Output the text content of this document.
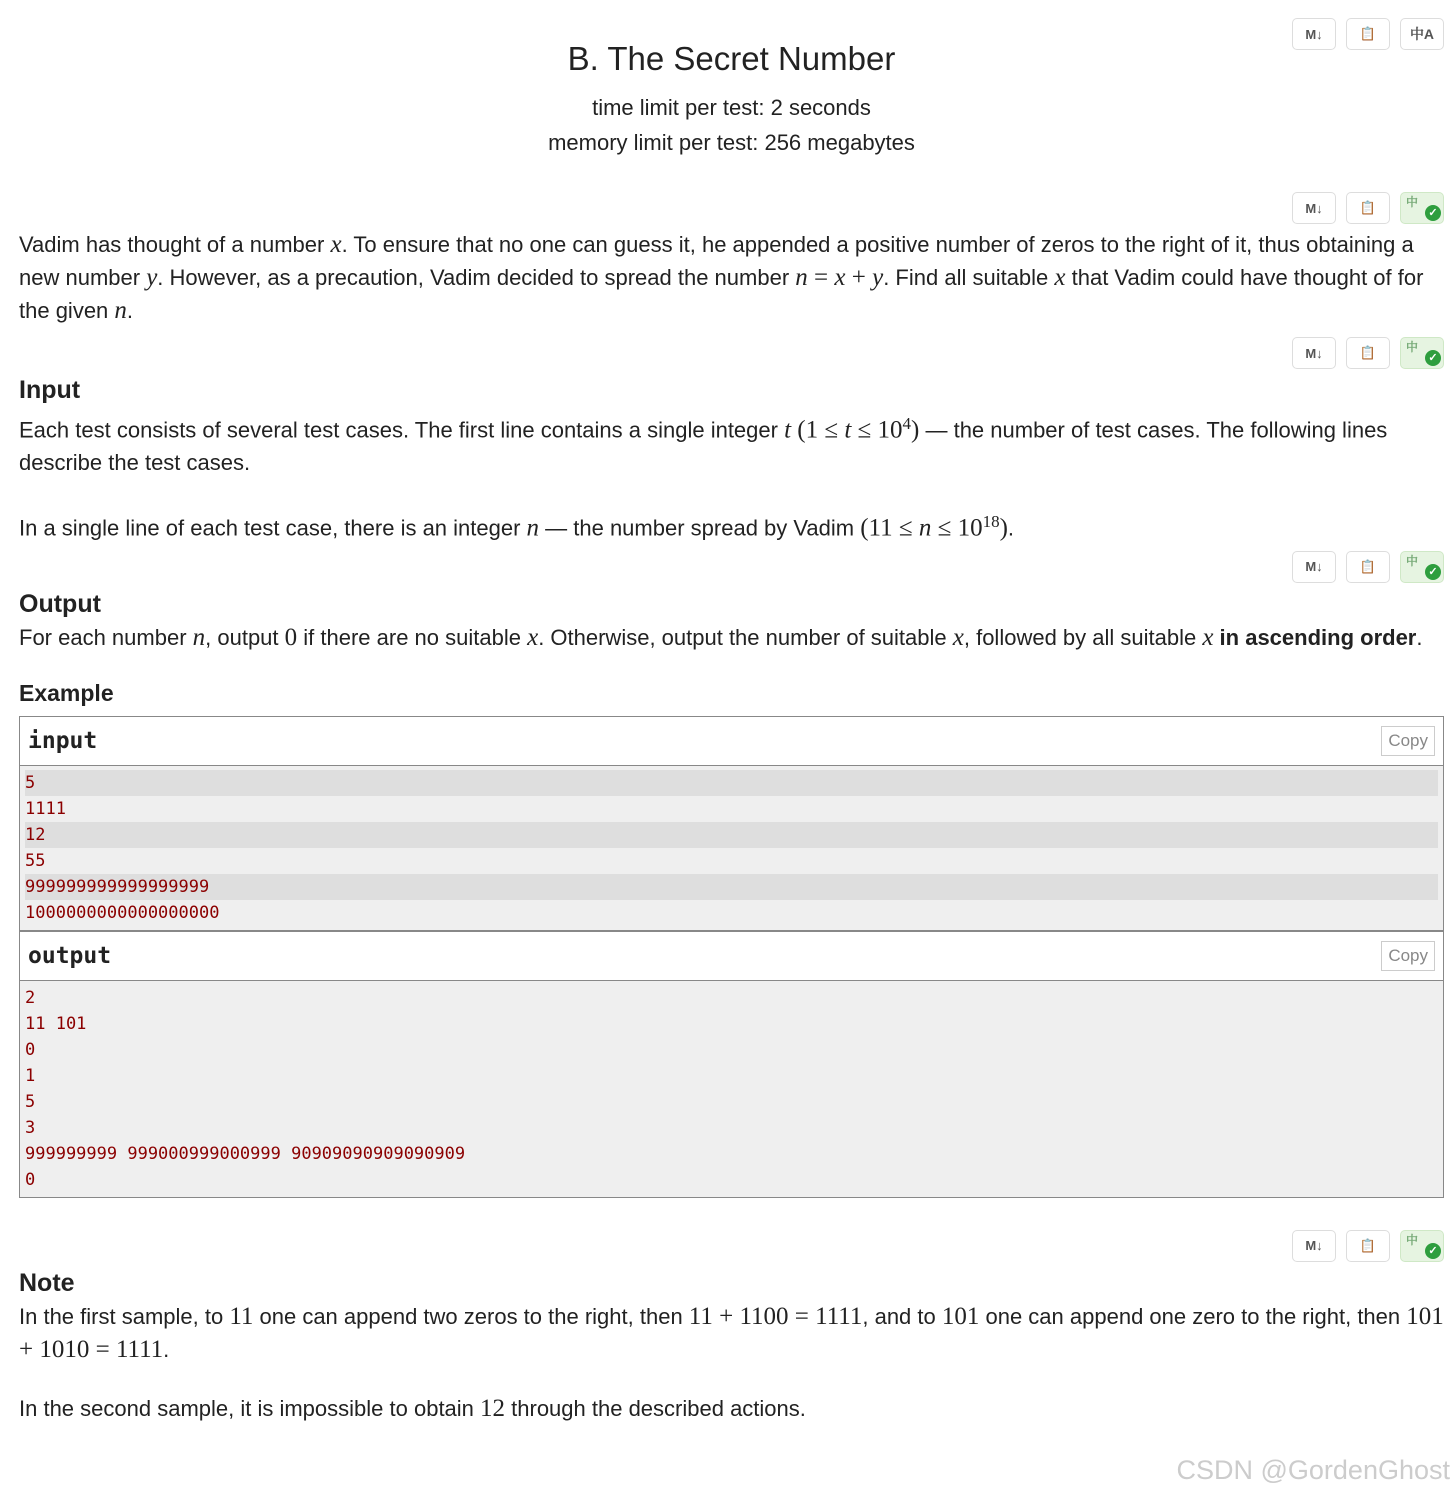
M↓	📋 中A
B. The Secret Number
time limit per test: 2 seconds
memory limit per test: 256 megabytes
M↓	📋 中
✓

Vadim has thought of a number x. To ensure that no one can guess it, he appended a positive number of zeros to the right of it, thus obtaining a new number y. However, as a precaution, Vadim decided to spread the number n = x + y. Find all suitable x that Vadim could have thought of for the given n.

M↓	📋 中
✓
Input

Each test consists of several test cases. The first line contains a single integer t $(1 \le t \le 10^4)$ — the number of test cases. The following lines describe the test cases.

In a single line of each test case, there is an integer n — the number spread by Vadim $(11 \le n \le 10^{18})$.

M↓	📋 中
✓
Output

For each number n, output 0 if there are no suitable x. Otherwise, output the number of suitable x, followed by all suitable x in ascending order.

Example
input	Copy
5
1111
12
55
999999999999999999
1000000000000000000
output	Copy
2
11 101
0
1
5
3
999999999 999000999000999 90909090909090909
0
M↓	📋 中
✓
Note

In the first sample, to 11 one can append two zeros to the right, then 11 + 1100 = 1111, and to 101 one can append one zero to the right, then 101 + 1010 = 1111.

In the second sample, it is impossible to obtain 12 through the described actions.

CSDN @GordenGhost
